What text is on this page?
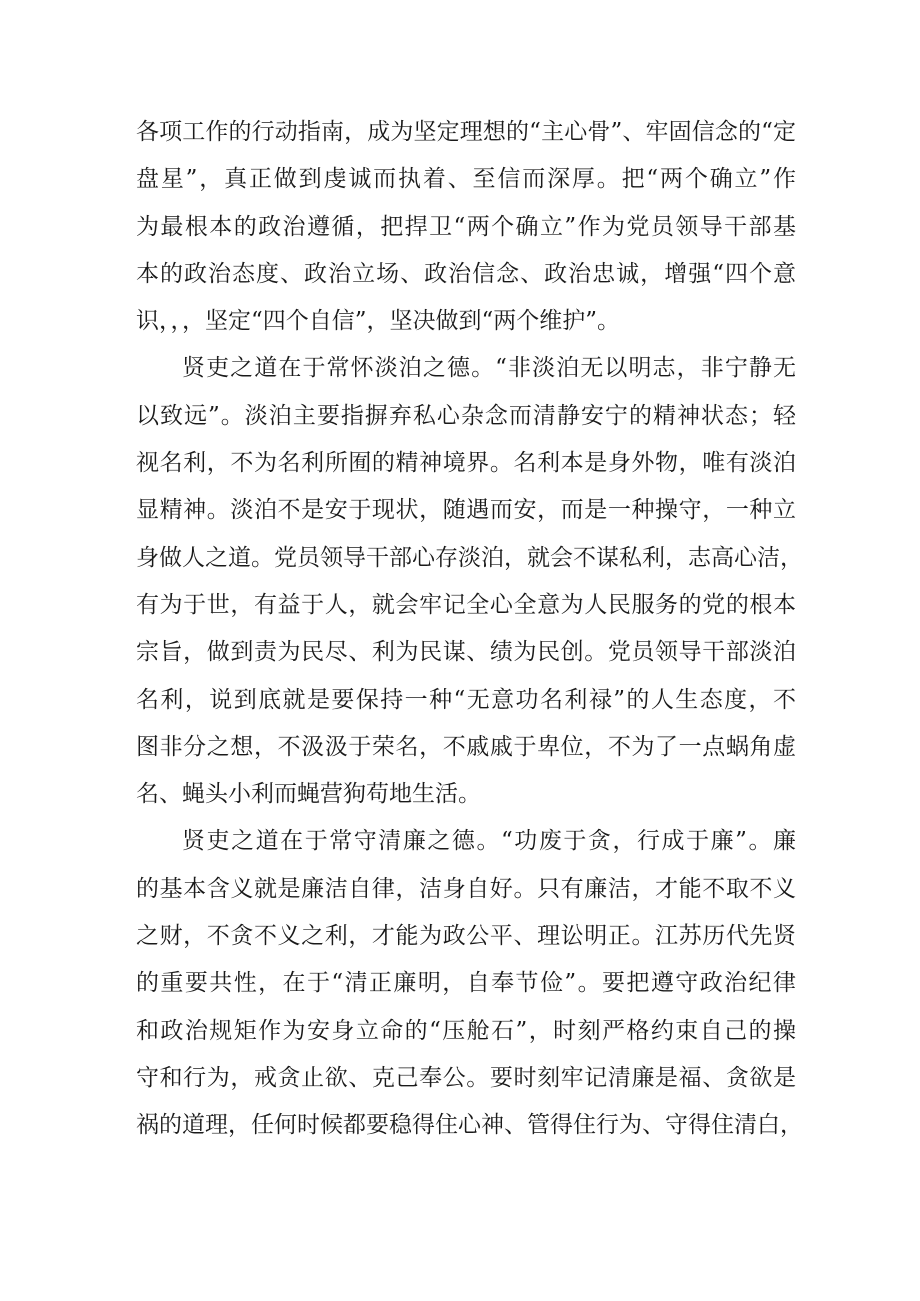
各项工作的行动指南，成为坚定理想的“主心骨”、牢固信念的“定
盘星”，真正做到虔诚而执着、至信而深厚。把“两个确立”作
为最根本的政治遵循，把捍卫“两个确立”作为党员领导干部基
本的政治态度、政治立场、政治信念、政治忠诚，增强“四个意
识，，，坚定“四个自信”，坚决做到“两个维护”。
贤吏之道在于常怀淡泊之德。“非淡泊无以明志，非宁静无
以致远”。淡泊主要指摒弃私心杂念而清静安宁的精神状态；轻
视名利，不为名利所囿的精神境界。名利本是身外物，唯有淡泊
显精神。淡泊不是安于现状，随遇而安，而是一种操守，一种立
身做人之道。党员领导干部心存淡泊，就会不谋私利，志高心洁，
有为于世，有益于人，就会牢记全心全意为人民服务的党的根本
宗旨，做到责为民尽、利为民谋、绩为民创。党员领导干部淡泊
名利，说到底就是要保持一种“无意功名利禄”的人生态度，不
图非分之想，不汲汲于荣名，不戚戚于卑位，不为了一点蜗角虚
名、蝇头小利而蝇营狗苟地生活。
贤吏之道在于常守清廉之德。“功废于贪，行成于廉”。廉
的基本含义就是廉洁自律，洁身自好。只有廉洁，才能不取不义
之财，不贪不义之利，才能为政公平、理讼明正。江苏历代先贤
的重要共性，在于“清正廉明，自奉节俭”。要把遵守政治纪律
和政治规矩作为安身立命的“压舱石”，时刻严格约束自己的操
守和行为，戒贪止欲、克己奉公。要时刻牢记清廉是福、贪欲是
祸的道理，任何时候都要稳得住心神、管得住行为、守得住清白，
